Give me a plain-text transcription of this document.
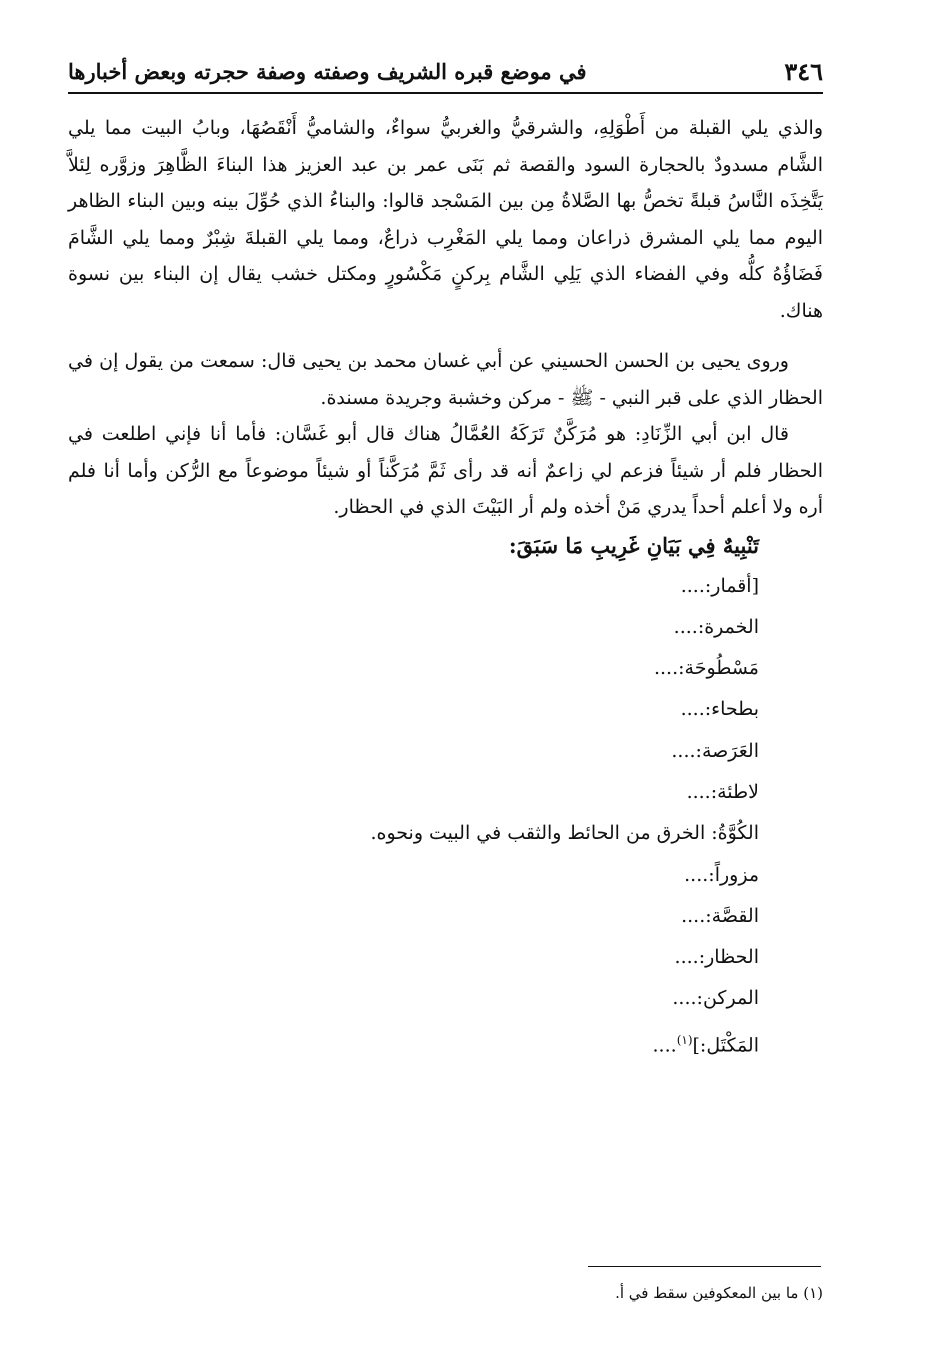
٣٤٦
في موضع قبره الشريف وصفته وصفة حجرته وبعض أخبارها

والذي يلي القبلة من أَطْوَلِهِ، والشرقيُّ والغربيُّ سواءٌ، والشاميُّ أَنْقَصُهَا، وبابُ البيت مما يلي الشَّام مسدودٌ بالحجارة السود والقصة ثم بَنَى عمر بن عبد العزيز هذا البناءَ الظَّاهِرَ وزوَّره لِئلاَّ يَتَّخِذَه النَّاسُ قبلةً تخصُّ بها الصَّلاةُ مِن بين المَسْجد قالوا: والبناءُ الذي حُوِّلَ بينه وبين البناء الظاهر اليوم مما يلي المشرق ذراعان ومما يلي المَغْرِب ذراعٌ، ومما يلي القبلةَ شِبْرٌ ومما يلي الشَّامَ فَضَاؤُهُ كلُّه وفي الفضاء الذي يَلِي الشَّام بِركنٍ مَكْسُورٍ ومكتل خشب يقال إن البناء بين نسوة هناك.

وروى يحيى بن الحسن الحسيني عن أبي غسان محمد بن يحيى قال: سمعت من يقول إن في الحظار الذي على قبر النبي - ﷺ - مركن وخشبة وجريدة مسندة.

قال ابن أبي الزِّنَادِ: هو مُرَكَّنٌ تَرَكَهُ العُمَّالُ هناك قال أبو غَسَّان: فأما أنا فإني اطلعت في الحظار فلم أر شيئاً فزعم لي زاعمٌ أنه قد رأى ثَمَّ مُرَكَّناً أو شيئاً موضوعاً مع الرُّكن وأما أنا فلم أره ولا أعلم أحداً يدري مَنْ أخذه ولم أر البَيْتَ الذي في الحظار.

تَنْبِيهٌ فِي بَيَانِ غَرِيبِ مَا سَبَقَ:
[أقمار:....
الخمرة:....
مَسْطُوحَة:....
بطحاء:....
العَرَصة:....
لاطئة:....
الكُوَّةُ: الخرق من الحائط والثقب في البيت ونحوه.
مزوراً:....
القصَّة:....
الحظار:....
المركن:....
المَكْتَل:]$^{(١)}$....
(١) ما بين المعكوفين سقط في أ.
